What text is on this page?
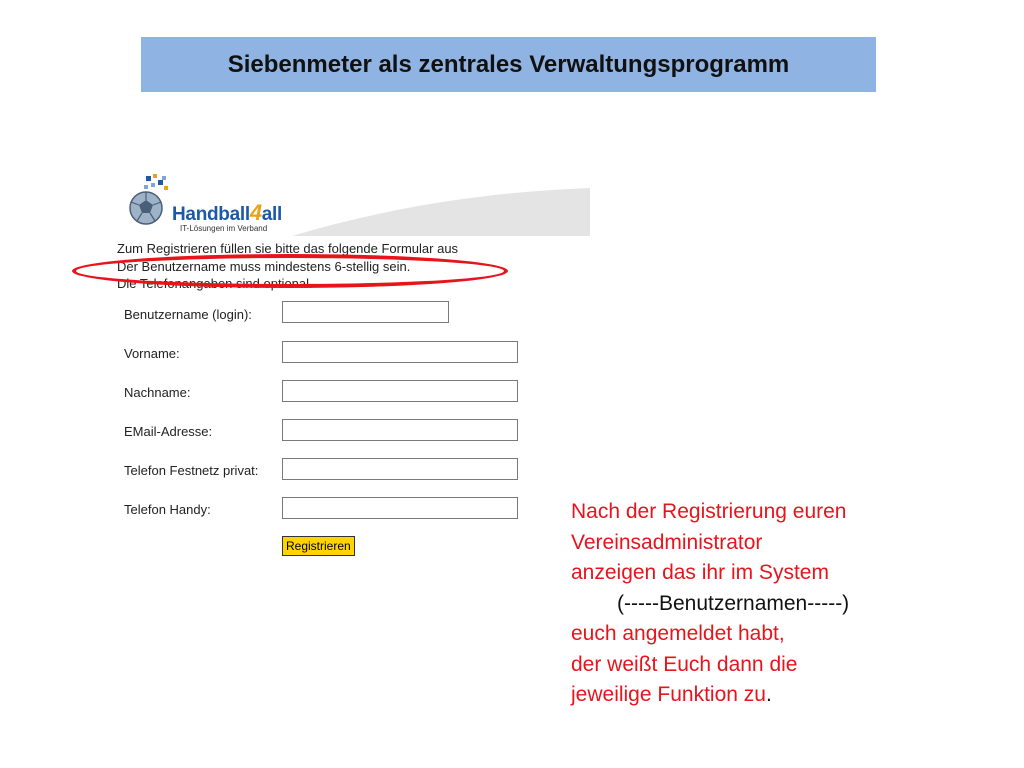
Siebenmeter als zentrales Verwaltungsprogramm
Handball4all
IT-Lösungen im Verband
Zum Registrieren füllen sie bitte das folgende Formular aus
Der Benutzername muss mindestens 6-stellig sein.
Die Telefonangaben sind optional.
Benutzername (login):
Vorname:
Nachname:
EMail-Adresse:
Telefon Festnetz privat:
Telefon Handy:
Registrieren
Nach der Registrierung euren
Vereinsadministrator
anzeigen das ihr im System
(-----Benutzernamen-----)
euch angemeldet habt,
der weißt Euch dann die
jeweilige Funktion zu.
